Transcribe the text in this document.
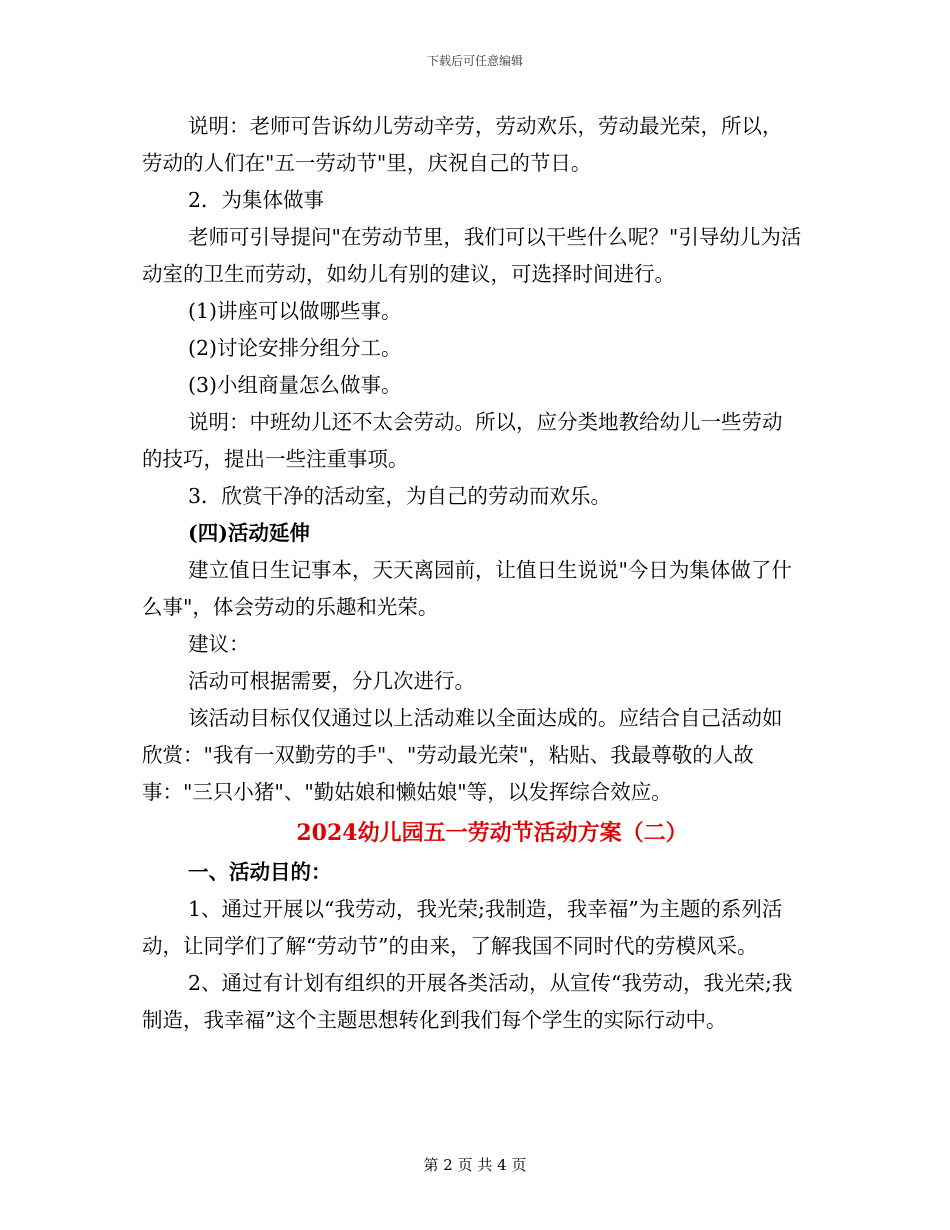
下载后可任意编辑

说明：老师可告诉幼儿劳动辛劳，劳动欢乐，劳动最光荣，所以，劳动的人们在"五一劳动节"里，庆祝自己的节日。

2．为集体做事

老师可引导提问"在劳动节里，我们可以干些什么呢？"引导幼儿为活动室的卫生而劳动，如幼儿有别的建议，可选择时间进行。

(1)讲座可以做哪些事。

(2)讨论安排分组分工。

(3)小组商量怎么做事。

说明：中班幼儿还不太会劳动。所以，应分类地教给幼儿一些劳动的技巧，提出一些注重事项。

3．欣赏干净的活动室，为自己的劳动而欢乐。

(四)活动延伸

建立值日生记事本，天天离园前，让值日生说说"今日为集体做了什么事"，体会劳动的乐趣和光荣。

建议：

活动可根据需要，分几次进行。

该活动目标仅仅通过以上活动难以全面达成的。应结合自己活动如欣赏："我有一双勤劳的手"、"劳动最光荣"，粘贴、我最尊敬的人故事："三只小猪"、"勤姑娘和懒姑娘"等，以发挥综合效应。

2024幼儿园五一劳动节活动方案（二）

一、活动目的：

1、通过开展以“我劳动，我光荣;我制造，我幸福”为主题的系列活动，让同学们了解“劳动节”的由来，了解我国不同时代的劳模风采。

2、通过有计划有组织的开展各类活动，从宣传“我劳动，我光荣;我制造，我幸福”这个主题思想转化到我们每个学生的实际行动中。

第 2 页 共 4 页
